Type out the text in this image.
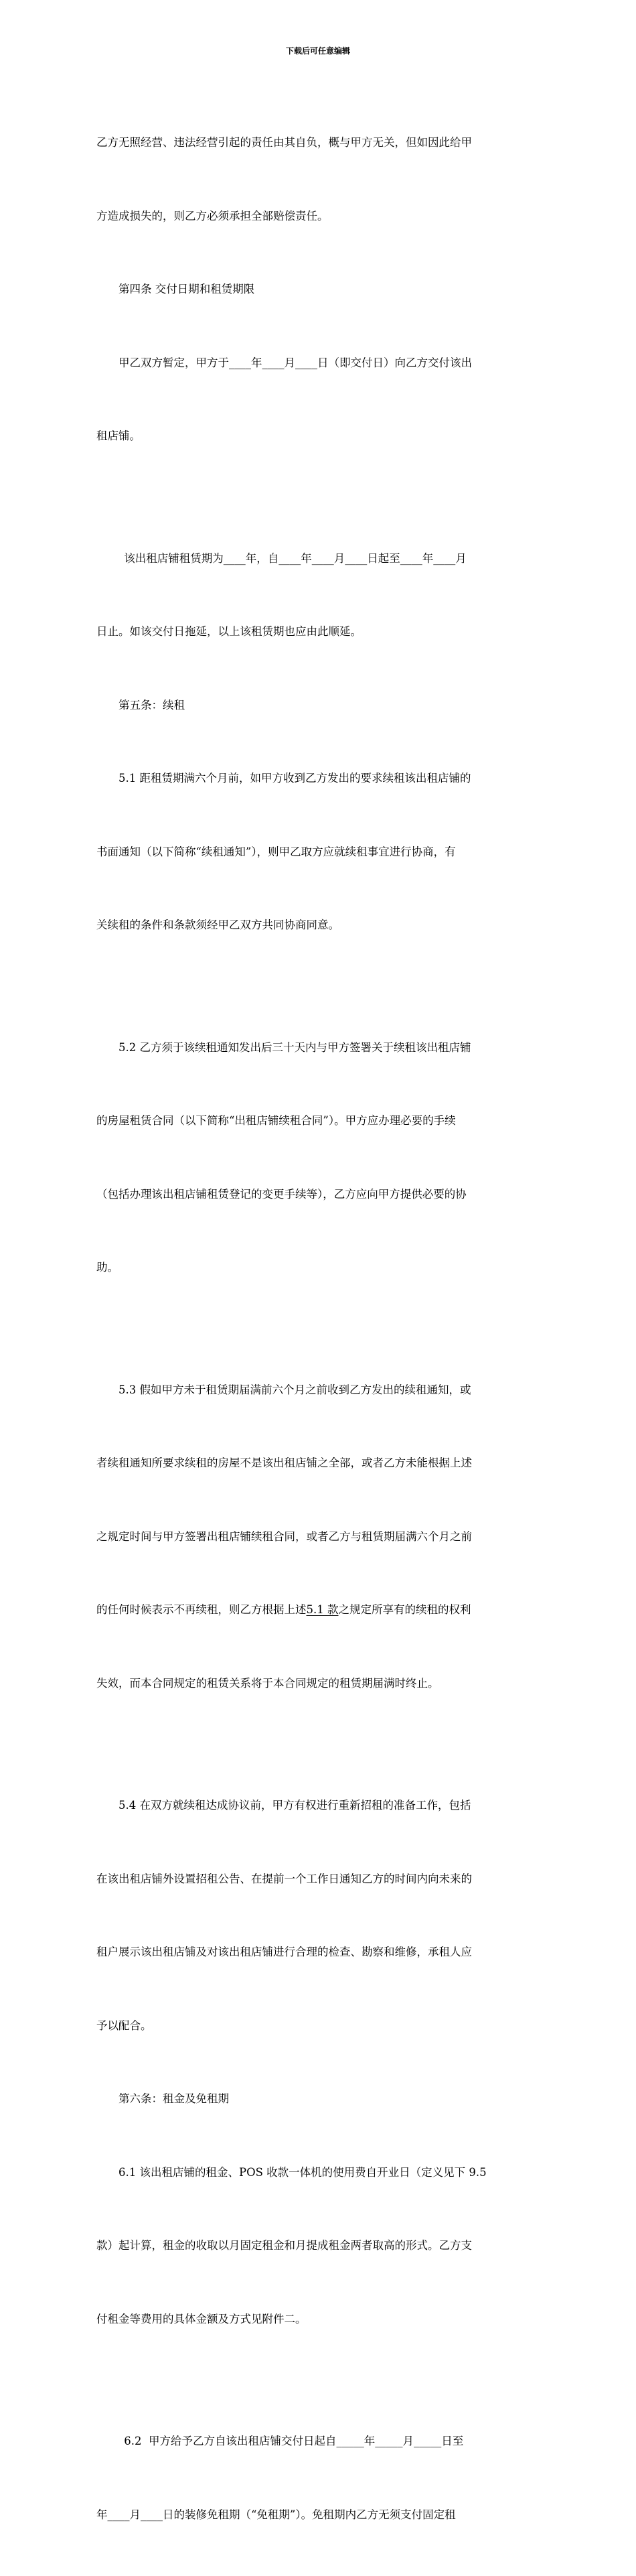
下载后可任意编辑

乙方无照经营、违法经营引起的责任由其自负，概与甲方无关，但如因此给甲

方造成损失的，则乙方必须承担全部赔偿责任。

第四条 交付日期和租赁期限

甲乙双方暂定，甲方于____年____月____日（即交付日）向乙方交付该出

租店铺。

该出租店铺租赁期为____年，自____年____月____日起至____年____月

日止。如该交付日拖延，以上该租赁期也应由此顺延。

第五条：续租

5.1 距租赁期满六个月前，如甲方收到乙方发出的要求续租该出租店铺的

书面通知（以下简称“续租通知”），则甲乙取方应就续租事宜进行协商，有

关续租的条件和条款须经甲乙双方共同协商同意。

5.2 乙方须于该续租通知发出后三十天内与甲方签署关于续租该出租店铺

的房屋租赁合同（以下简称“出租店铺续租合同”）。甲方应办理必要的手续

（包括办理该出租店铺租赁登记的变更手续等），乙方应向甲方提供必要的协

助。

5.3 假如甲方未于租赁期届满前六个月之前收到乙方发出的续租通知，或

者续租通知所要求续租的房屋不是该出租店铺之全部，或者乙方未能根据上述

之规定时间与甲方签署出租店铺续租合同，或者乙方与租赁期届满六个月之前

的任何时候表示不再续租，则乙方根据上述5.1 款之规定所享有的续租的权利

失效，而本合同规定的租赁关系将于本合同规定的租赁期届满时终止。

5.4 在双方就续租达成协议前，甲方有权进行重新招租的准备工作，包括

在该出租店铺外设置招租公告、在提前一个工作日通知乙方的时间内向未来的

租户展示该出租店铺及对该出租店铺进行合理的检查、勘察和维修，承租人应

予以配合。

第六条：租金及免租期

6.1 该出租店铺的租金、POS 收款一体机的使用费自开业日（定义见下 9.5

款）起计算，租金的收取以月固定租金和月提成租金两者取高的形式。乙方支

付租金等费用的具体金额及方式见附件二。

6.2  甲方给予乙方自该出租店铺交付日起自_____年_____月_____日至

年____月____日的装修免租期（“免租期”）。免租期内乙方无须支付固定租
